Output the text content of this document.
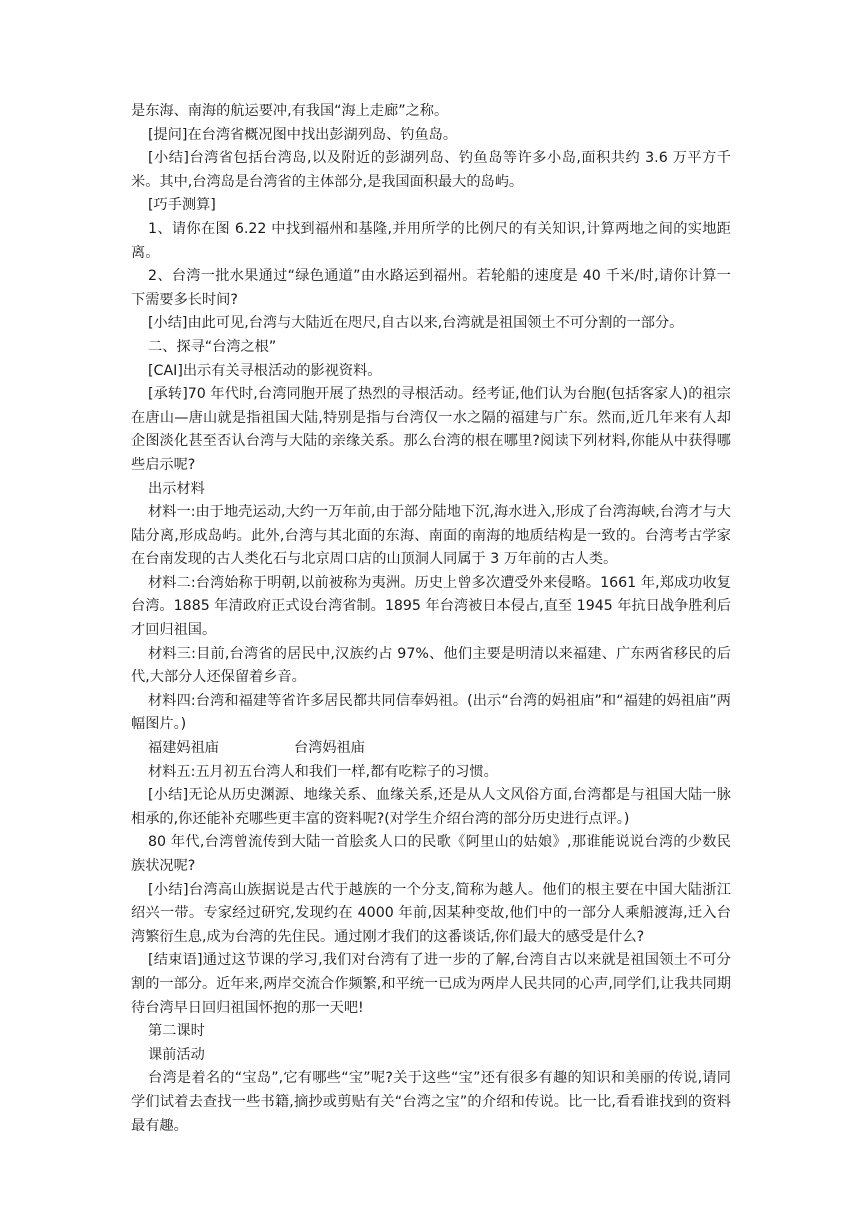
是东海、南海的航运要冲,有我国“海上走廊”之称。

[提问]在台湾省概况图中找出彭湖列岛、钓鱼岛。

[小结]台湾省包括台湾岛,以及附近的彭湖列岛、钓鱼岛等许多小岛,面积共约 3.6 万平方千米。其中,台湾岛是台湾省的主体部分,是我国面积最大的岛屿。

[巧手测算]

1、请你在图 6.22 中找到福州和基隆,并用所学的比例尺的有关知识,计算两地之间的实地距离。

2、台湾一批水果通过“绿色通道”由水路运到福州。若轮船的速度是 40 千米/时,请你计算一下需要多长时间?

[小结]由此可见,台湾与大陆近在咫尺,自古以来,台湾就是祖国领土不可分割的一部分。

二、探寻“台湾之根”

[CAI]出示有关寻根活动的影视资料。

[承转]70 年代时,台湾同胞开展了热烈的寻根活动。经考证,他们认为台胞(包括客家人)的祖宗在唐山—唐山就是指祖国大陆,特别是指与台湾仅一水之隔的福建与广东。然而,近几年来有人却企图淡化甚至否认台湾与大陆的亲缘关系。那么台湾的根在哪里?阅读下列材料,你能从中获得哪些启示呢?

出示材料

材料一:由于地壳运动,大约一万年前,由于部分陆地下沉,海水进入,形成了台湾海峡,台湾才与大陆分离,形成岛屿。此外,台湾与其北面的东海、南面的南海的地质结构是一致的。台湾考古学家在台南发现的古人类化石与北京周口店的山顶洞人同属于 3 万年前的古人类。

材料二:台湾始称于明朝,以前被称为夷洲。历史上曾多次遭受外来侵略。1661 年,郑成功收复台湾。1885 年清政府正式设台湾省制。1895 年台湾被日本侵占,直至 1945 年抗日战争胜利后才回归祖国。

材料三:目前,台湾省的居民中,汉族约占 97%、他们主要是明清以来福建、广东两省移民的后代,大部分人还保留着乡音。

材料四:台湾和福建等省许多居民都共同信奉妈祖。(出示“台湾的妈祖庙”和“福建的妈祖庙”两幅图片。)

福建妈祖庙	台湾妈祖庙

材料五:五月初五台湾人和我们一样,都有吃粽子的习惯。

[小结]无论从历史渊源、地缘关系、血缘关系,还是从人文风俗方面,台湾都是与祖国大陆一脉相承的,你还能补充哪些更丰富的资料呢?(对学生介绍台湾的部分历史进行点评。)

80 年代,台湾曾流传到大陆一首脍炙人口的民歌《阿里山的姑娘》,那谁能说说台湾的少数民族状况呢?

[小结]台湾高山族据说是古代于越族的一个分支,简称为越人。他们的根主要在中国大陆浙江绍兴一带。专家经过研究,发现约在 4000 年前,因某种变故,他们中的一部分人乘船渡海,迁入台湾繁衍生息,成为台湾的先住民。通过刚才我们的这番谈话,你们最大的感受是什么?

[结束语]通过这节课的学习,我们对台湾有了进一步的了解,台湾自古以来就是祖国领土不可分割的一部分。近年来,两岸交流合作频繁,和平统一已成为两岸人民共同的心声,同学们,让我共同期待台湾早日回归祖国怀抱的那一天吧!

第二课时

课前活动

台湾是着名的“宝岛”,它有哪些“宝”呢?关于这些“宝”还有很多有趣的知识和美丽的传说,请同学们试着去查找一些书籍,摘抄或剪贴有关“台湾之宝”的介绍和传说。比一比,看看谁找到的资料最有趣。
